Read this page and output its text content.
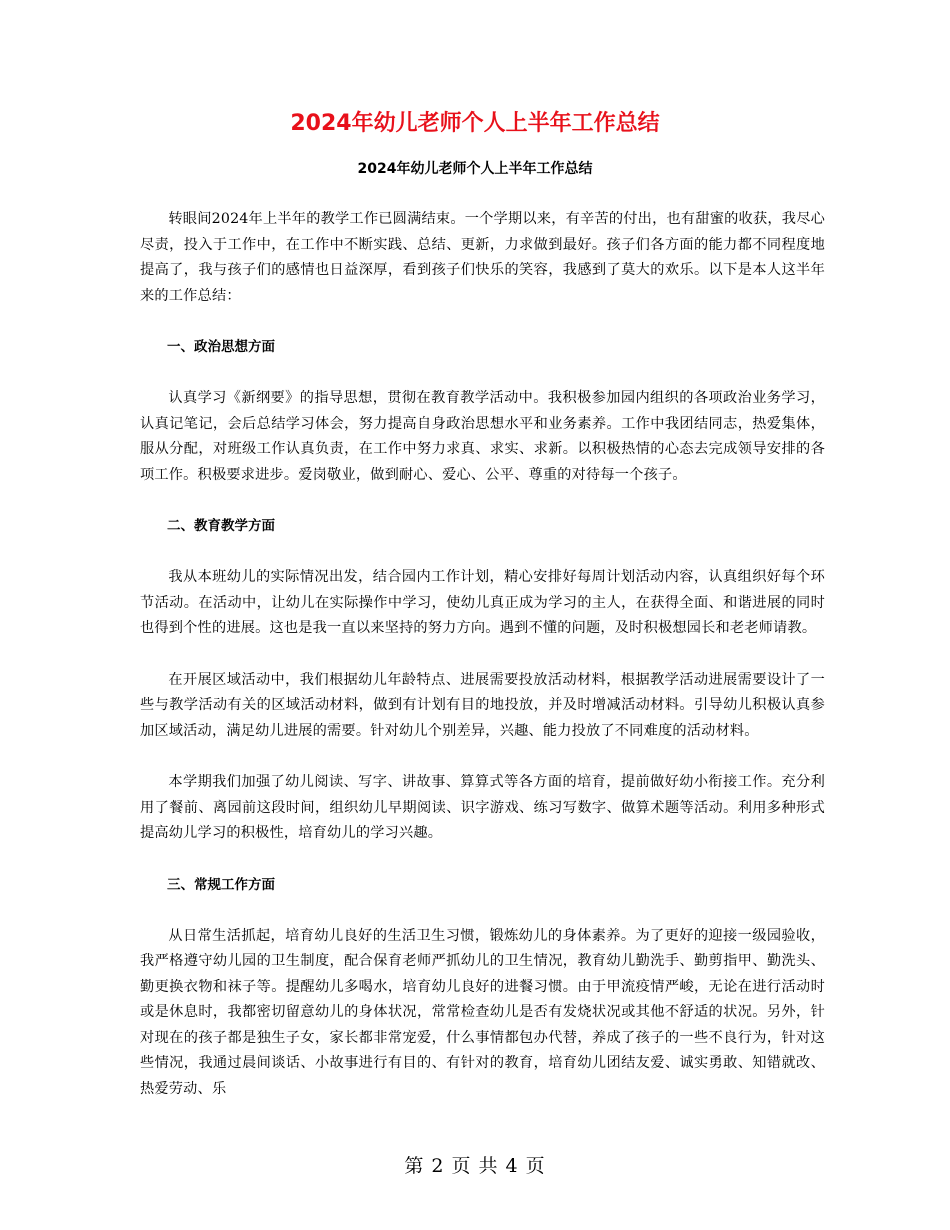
2024年幼儿老师个人上半年工作总结
2024年幼儿老师个人上半年工作总结

转眼间2024年上半年的教学工作已圆满结束。一个学期以来，有辛苦的付出，也有甜蜜的收获，我尽心尽责，投入于工作中，在工作中不断实践、总结、更新，力求做到最好。孩子们各方面的能力都不同程度地提高了，我与孩子们的感情也日益深厚，看到孩子们快乐的笑容，我感到了莫大的欢乐。以下是本人这半年来的工作总结：

一、政治思想方面

认真学习《新纲要》的指导思想，贯彻在教育教学活动中。我积极参加园内组织的各项政治业务学习，认真记笔记，会后总结学习体会，努力提高自身政治思想水平和业务素养。工作中我团结同志，热爱集体，服从分配，对班级工作认真负责，在工作中努力求真、求实、求新。以积极热情的心态去完成领导安排的各项工作。积极要求进步。爱岗敬业，做到耐心、爱心、公平、尊重的对待每一个孩子。

二、教育教学方面

我从本班幼儿的实际情况出发，结合园内工作计划，精心安排好每周计划活动内容，认真组织好每个环节活动。在活动中，让幼儿在实际操作中学习，使幼儿真正成为学习的主人，在获得全面、和谐进展的同时也得到个性的进展。这也是我一直以来坚持的努力方向。遇到不懂的问题，及时积极想园长和老老师请教。

在开展区域活动中，我们根据幼儿年龄特点、进展需要投放活动材料，根据教学活动进展需要设计了一些与教学活动有关的区域活动材料，做到有计划有目的地投放，并及时增减活动材料。引导幼儿积极认真参加区域活动，满足幼儿进展的需要。针对幼儿个别差异，兴趣、能力投放了不同难度的活动材料。

本学期我们加强了幼儿阅读、写字、讲故事、算算式等各方面的培育，提前做好幼小衔接工作。充分利用了餐前、离园前这段时间，组织幼儿早期阅读、识字游戏、练习写数字、做算术题等活动。利用多种形式提高幼儿学习的积极性，培育幼儿的学习兴趣。

三、常规工作方面

从日常生活抓起，培育幼儿良好的生活卫生习惯，锻炼幼儿的身体素养。为了更好的迎接一级园验收，我严格遵守幼儿园的卫生制度，配合保育老师严抓幼儿的卫生情况，教育幼儿勤洗手、勤剪指甲、勤洗头、勤更换衣物和袜子等。提醒幼儿多喝水，培育幼儿良好的进餐习惯。由于甲流疫情严峻，无论在进行活动时或是休息时，我都密切留意幼儿的身体状况，常常检查幼儿是否有发烧状况或其他不舒适的状况。另外，针对现在的孩子都是独生子女，家长都非常宠爱，什么事情都包办代替，养成了孩子的一些不良行为，针对这些情况，我通过晨间谈话、小故事进行有目的、有针对的教育，培育幼儿团结友爱、诚实勇敢、知错就改、热爱劳动、乐

第 2 页 共 4 页
